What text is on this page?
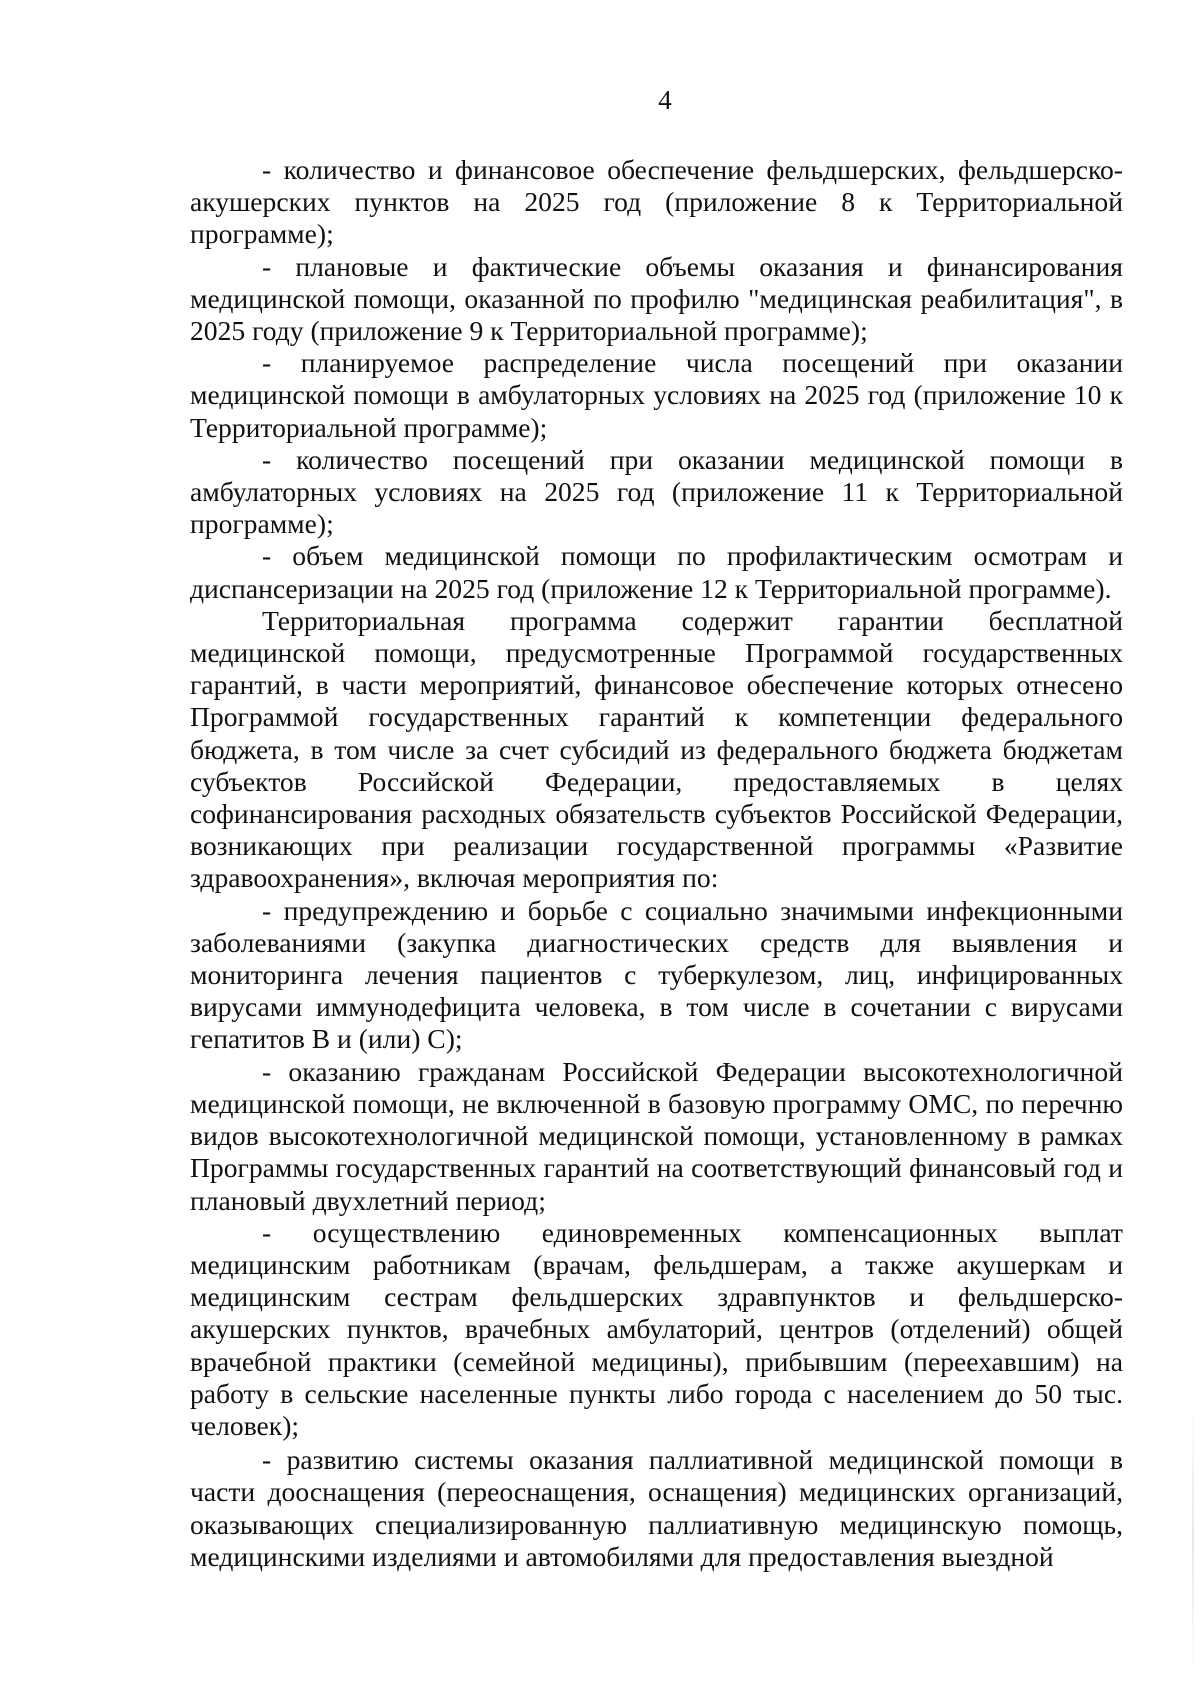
4

- количество и финансовое обеспечение фельдшерских, фельдшерско-акушерских пунктов на 2025 год (приложение 8 к Территориальной программе);

- плановые и фактические объемы оказания и финансирования медицинской помощи, оказанной по профилю "медицинская реабилитация", в 2025 году (приложение 9 к Территориальной программе);

- планируемое распределение числа посещений при оказании медицинской помощи в амбулаторных условиях на 2025 год (приложение 10 к Территориальной программе);

- количество посещений при оказании медицинской помощи в амбулаторных условиях на 2025 год (приложение 11 к Территориальной программе);

- объем медицинской помощи по профилактическим осмотрам и диспансеризации на 2025 год (приложение 12 к Территориальной программе).

Территориальная программа содержит гарантии бесплатной медицинской помощи, предусмотренные Программой государственных гарантий, в части мероприятий, финансовое обеспечение которых отнесено Программой государственных гарантий к компетенции федерального бюджета, в том числе за счет субсидий из федерального бюджета бюджетам субъектов Российской Федерации, предоставляемых в целях софинансирования расходных обязательств субъектов Российской Федерации, возникающих при реализации государственной программы «Развитие здравоохранения», включая мероприятия по:

- предупреждению и борьбе с социально значимыми инфекционными заболеваниями (закупка диагностических средств для выявления и мониторинга лечения пациентов с туберкулезом, лиц, инфицированных вирусами иммунодефицита человека, в том числе в сочетании с вирусами гепатитов B и (или) C);

- оказанию гражданам Российской Федерации высокотехнологичной медицинской помощи, не включенной в базовую программу ОМС, по перечню видов высокотехнологичной медицинской помощи, установленному в рамках Программы государственных гарантий на соответствующий финансовый год и плановый двухлетний период;

- осуществлению единовременных компенсационных выплат медицинским работникам (врачам, фельдшерам, а также акушеркам и медицинским сестрам фельдшерских здравпунктов и фельдшерско-акушерских пунктов, врачебных амбулаторий, центров (отделений) общей врачебной практики (семейной медицины), прибывшим (переехавшим) на работу в сельские населенные пункты либо города с населением до 50 тыс. человек);

- развитию системы оказания паллиативной медицинской помощи в части дооснащения (переоснащения, оснащения) медицинских организаций, оказывающих специализированную паллиативную медицинскую помощь, медицинскими изделиями и автомобилями для предоставления выездной
